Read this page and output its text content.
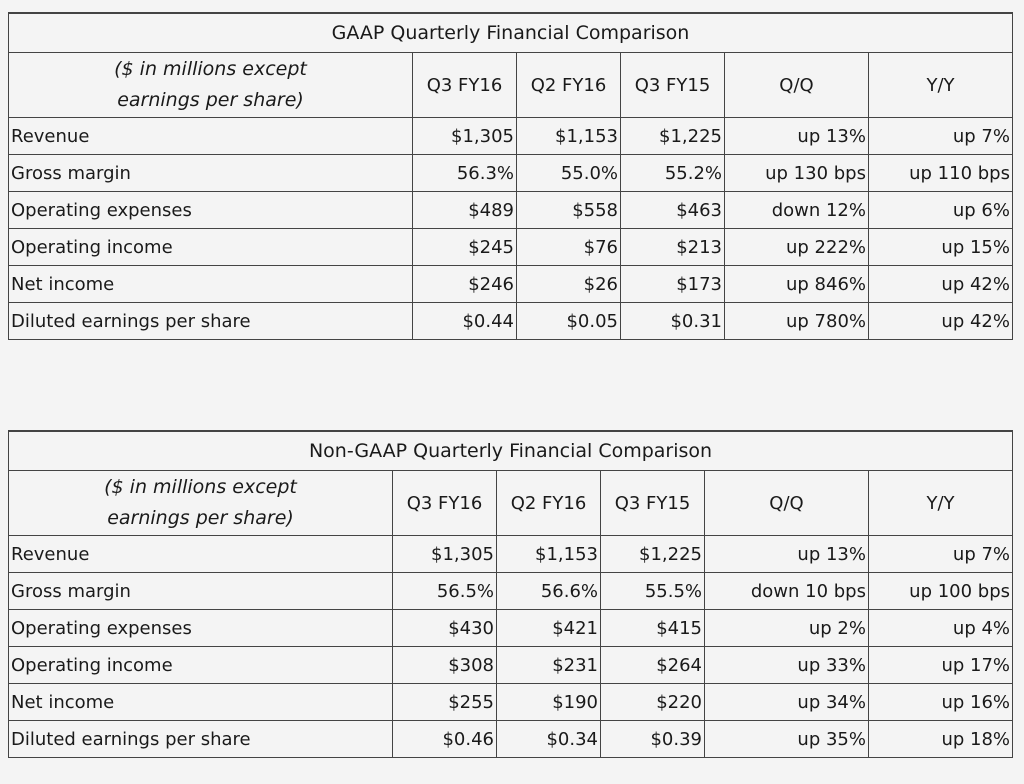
GAAP Quarterly Financial Comparison					
($ in millions except
earnings per share)	Q3 FY16	Q2 FY16	Q3 FY15	Q/Q	Y/Y
Revenue	$1,305	$1,153	$1,225	up 13%	up 7%
Gross margin	56.3%	55.0%	55.2%	up 130 bps	up 110 bps
Operating expenses	$489	$558	$463	down 12%	up 6%
Operating income	$245	$76	$213	up 222%	up 15%
Net income	$246	$26	$173	up 846%	up 42%
Diluted earnings per share	$0.44	$0.05	$0.31	up 780%	up 42%
Non-GAAP Quarterly Financial Comparison					
($ in millions except
earnings per share)	Q3 FY16	Q2 FY16	Q3 FY15	Q/Q	Y/Y
Revenue	$1,305	$1,153	$1,225	up 13%	up 7%
Gross margin	56.5%	56.6%	55.5%	down 10 bps	up 100 bps
Operating expenses	$430	$421	$415	up 2%	up 4%
Operating income	$308	$231	$264	up 33%	up 17%
Net income	$255	$190	$220	up 34%	up 16%
Diluted earnings per share	$0.46	$0.34	$0.39	up 35%	up 18%
